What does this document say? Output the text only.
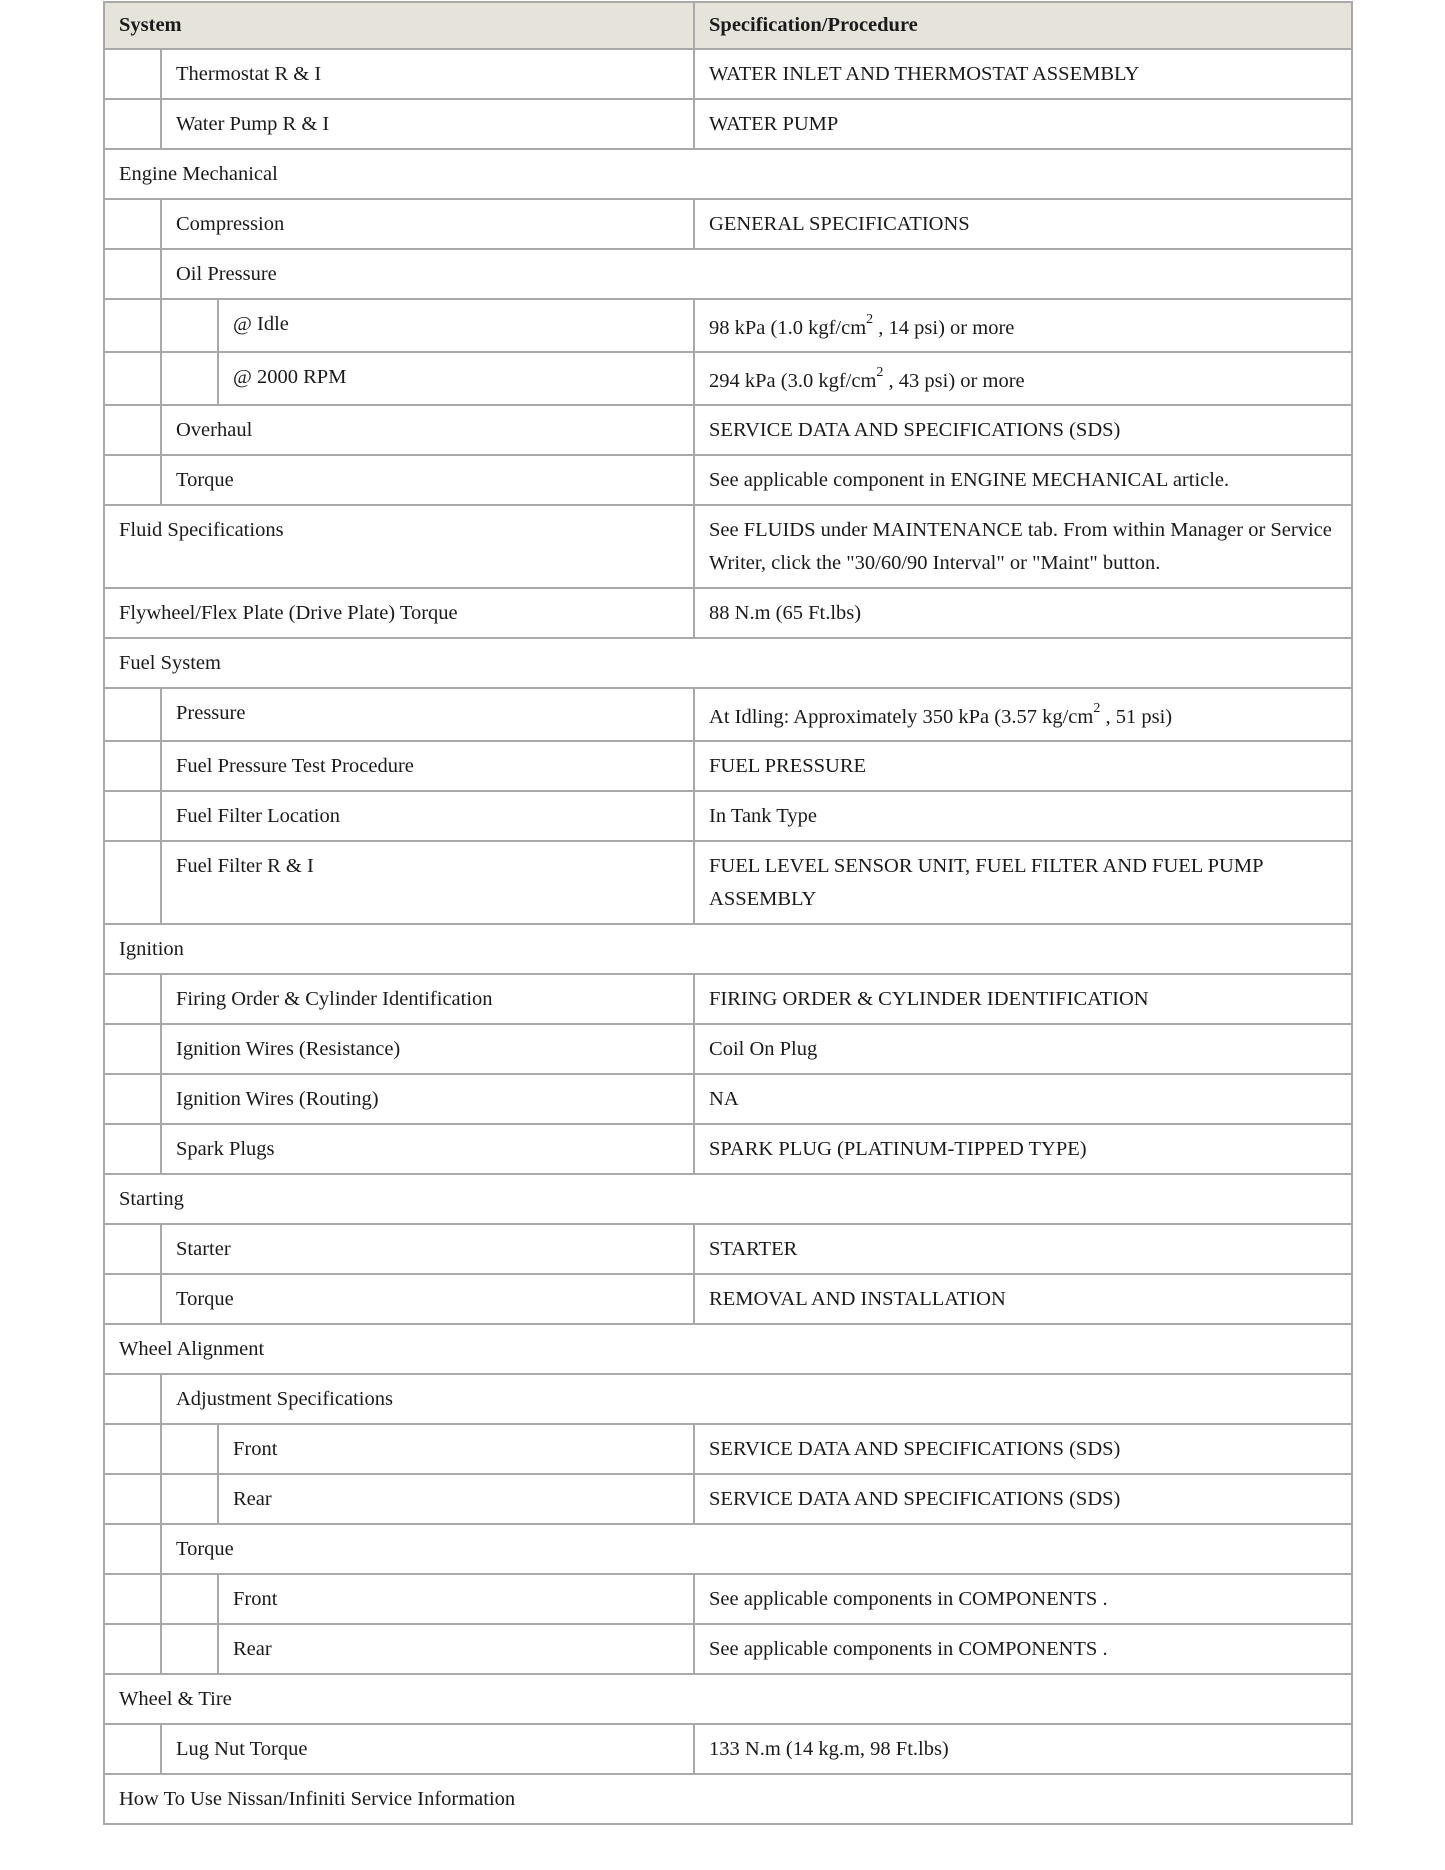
System			Specification/Procedure
	Thermostat R & I		WATER INLET AND THERMOSTAT ASSEMBLY
	Water Pump R & I		WATER PUMP
Engine Mechanical			
	Compression		GENERAL SPECIFICATIONS
	Oil Pressure		
		@ Idle	98 kPa (1.0 kgf/$cm^2$ , 14 psi) or more
		@ 2000 RPM	294 kPa (3.0 kgf/$cm^2$ , 43 psi) or more
	Overhaul		SERVICE DATA AND SPECIFICATIONS (SDS)
	Torque		See applicable component in ENGINE MECHANICAL article.
Fluid Specifications			See FLUIDS under MAINTENANCE tab. From within Manager or Service Writer, click the "30/60/90 Interval" or "Maint" button.
Flywheel/Flex Plate (Drive Plate) Torque			88 N.m (65 Ft.lbs)
Fuel System			
	Pressure		At Idling: Approximately 350 kPa (3.57 $kg/cm^2$ , 51 psi)
	Fuel Pressure Test Procedure		FUEL PRESSURE
	Fuel Filter Location		In Tank Type
	Fuel Filter R & I		FUEL LEVEL SENSOR UNIT, FUEL FILTER AND FUEL PUMP ASSEMBLY
Ignition			
	Firing Order & Cylinder Identification		FIRING ORDER & CYLINDER IDENTIFICATION
	Ignition Wires (Resistance)		Coil On Plug
	Ignition Wires (Routing)		NA
	Spark Plugs		SPARK PLUG (PLATINUM-TIPPED TYPE)
Starting			
	Starter		STARTER
	Torque		REMOVAL AND INSTALLATION
Wheel Alignment			
	Adjustment Specifications		
		Front	SERVICE DATA AND SPECIFICATIONS (SDS)
		Rear	SERVICE DATA AND SPECIFICATIONS (SDS)
	Torque		
		Front	See applicable components in COMPONENTS .
		Rear	See applicable components in COMPONENTS .
Wheel & Tire			
	Lug Nut Torque		133 N.m (14 kg.m, 98 Ft.lbs)
How To Use Nissan/Infiniti Service Information			
